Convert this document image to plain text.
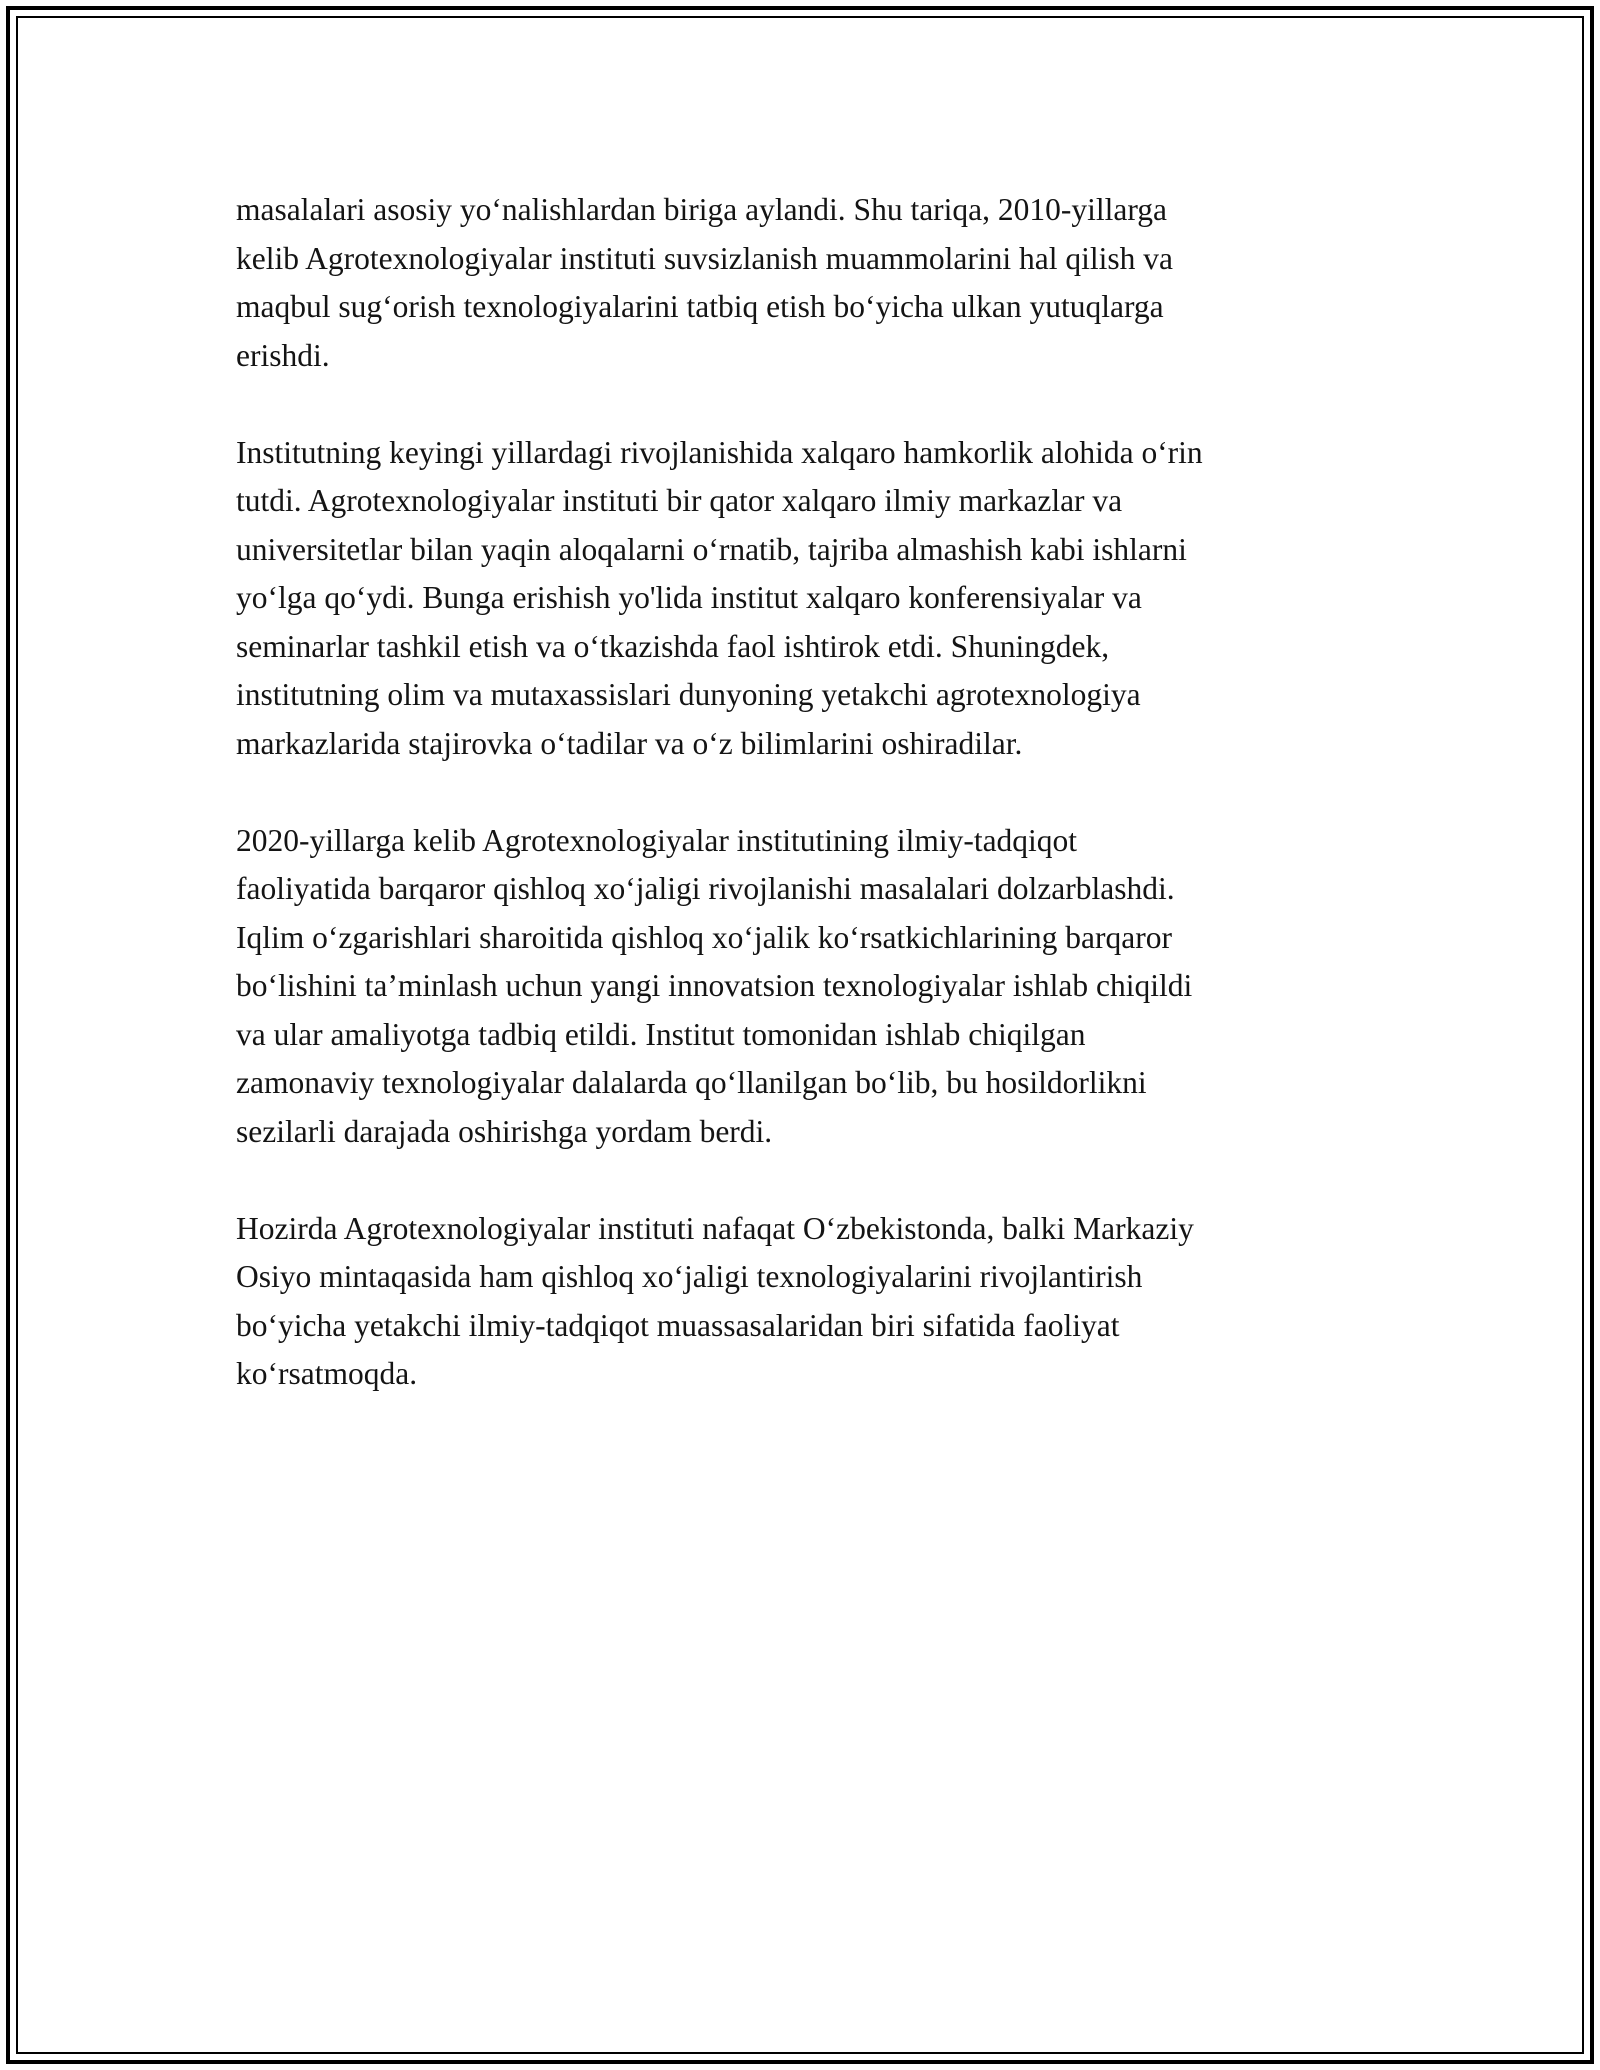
masalalari asosiy yo‘nalishlardan biriga aylandi. Shu tariqa, 2010-yillarga
kelib Agrotexnologiyalar instituti suvsizlanish muammolarini hal qilish va
maqbul sug‘orish texnologiyalarini tatbiq etish bo‘yicha ulkan yutuqlarga
erishdi.

Institutning keyingi yillardagi rivojlanishida xalqaro hamkorlik alohida o‘rin
tutdi. Agrotexnologiyalar instituti bir qator xalqaro ilmiy markazlar va
universitetlar bilan yaqin aloqalarni o‘rnatib, tajriba almashish kabi ishlarni
yo‘lga qo‘ydi. Bunga erishish yo'lida institut xalqaro konferensiyalar va
seminarlar tashkil etish va o‘tkazishda faol ishtirok etdi. Shuningdek,
institutning olim va mutaxassislari dunyoning yetakchi agrotexnologiya
markazlarida stajirovka o‘tadilar va o‘z bilimlarini oshiradilar.

2020-yillarga kelib Agrotexnologiyalar institutining ilmiy-tadqiqot
faoliyatida barqaror qishloq xo‘jaligi rivojlanishi masalalari dolzarblashdi.
Iqlim o‘zgarishlari sharoitida qishloq xo‘jalik ko‘rsatkichlarining barqaror
bo‘lishini ta’minlash uchun yangi innovatsion texnologiyalar ishlab chiqildi
va ular amaliyotga tadbiq etildi. Institut tomonidan ishlab chiqilgan
zamonaviy texnologiyalar dalalarda qo‘llanilgan bo‘lib, bu hosildorlikni
sezilarli darajada oshirishga yordam berdi.

Hozirda Agrotexnologiyalar instituti nafaqat O‘zbekistonda, balki Markaziy
Osiyo mintaqasida ham qishloq xo‘jaligi texnologiyalarini rivojlantirish
bo‘yicha yetakchi ilmiy-tadqiqot muassasalaridan biri sifatida faoliyat
ko‘rsatmoqda.
